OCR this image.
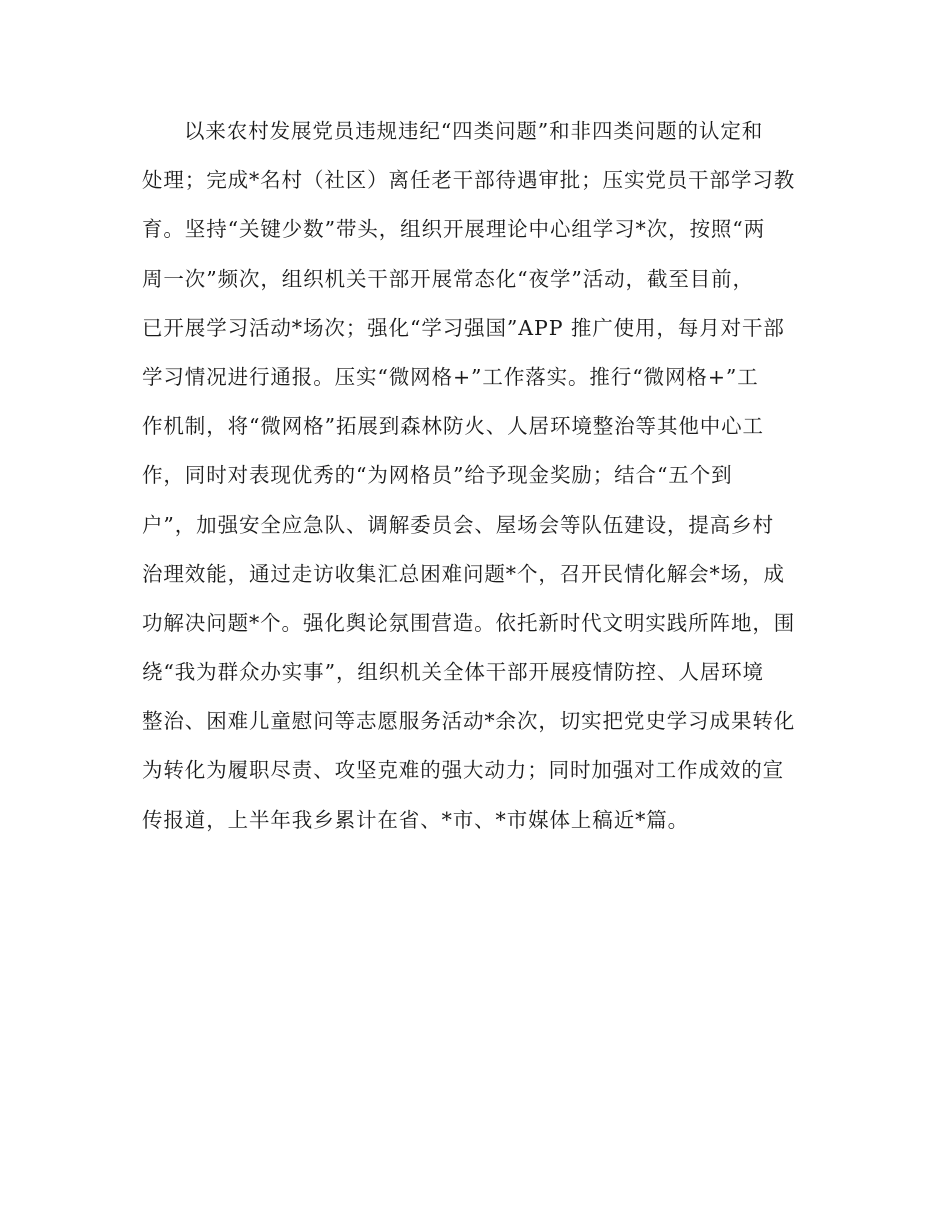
以来农村发展党员违规违纪“四类问题”和非四类问题的认定和
处理；完成*名村（社区）离任老干部待遇审批；压实党员干部学习教
育。坚持“关键少数”带头，组织开展理论中心组学习*次，按照“两
周一次”频次，组织机关干部开展常态化“夜学”活动，截至目前，
已开展学习活动*场次；强化“学习强国”APP 推广使用，每月对干部
学习情况进行通报。压实“微网格+”工作落实。推行“微网格+”工
作机制，将“微网格”拓展到森林防火、人居环境整治等其他中心工
作，同时对表现优秀的“为网格员”给予现金奖励；结合“五个到
户”，加强安全应急队、调解委员会、屋场会等队伍建设，提高乡村
治理效能，通过走访收集汇总困难问题*个，召开民情化解会*场，成
功解决问题*个。强化舆论氛围营造。依托新时代文明实践所阵地，围
绕“我为群众办实事”，组织机关全体干部开展疫情防控、人居环境
整治、困难儿童慰问等志愿服务活动*余次，切实把党史学习成果转化
为转化为履职尽责、攻坚克难的强大动力；同时加强对工作成效的宣
传报道，上半年我乡累计在省、*市、*市媒体上稿近*篇。
